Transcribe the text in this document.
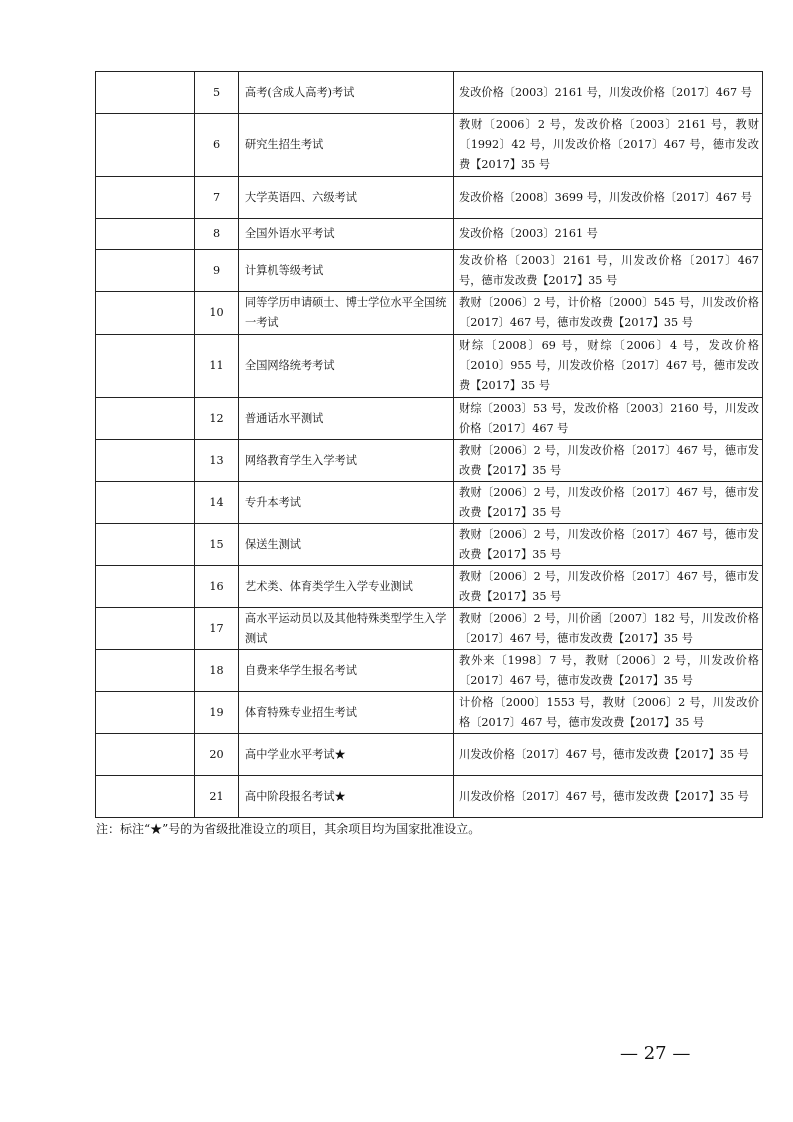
	5	高考(含成人高考)考试	发改价格〔2003〕2161 号，川发改价格〔2017〕467 号
	6	研究生招生考试	教财〔2006〕2 号，发改价格〔2003〕2161 号，教财〔1992〕42 号，川发改价格〔2017〕467 号，德市发改费【2017】35 号
	7	大学英语四、六级考试	发改价格〔2008〕3699 号，川发改价格〔2017〕467 号
	8	全国外语水平考试	发改价格〔2003〕2161 号
	9	计算机等级考试	发改价格〔2003〕2161 号，川发改价格〔2017〕467 号，德市发改费【2017】35 号
	10	同等学历申请硕士、博士学位水平全国统一考试	教财〔2006〕2 号，计价格〔2000〕545 号，川发改价格〔2017〕467 号，德市发改费【2017】35 号
	11	全国网络统考考试	财综〔2008〕69 号，财综〔2006〕4 号，发改价格〔2010〕955 号，川发改价格〔2017〕467 号，德市发改费【2017】35 号
	12	普通话水平测试	财综〔2003〕53 号，发改价格〔2003〕2160 号，川发改价格〔2017〕467 号
	13	网络教育学生入学考试	教财〔2006〕2 号，川发改价格〔2017〕467 号，德市发改费【2017】35 号
	14	专升本考试	教财〔2006〕2 号，川发改价格〔2017〕467 号，德市发改费【2017】35 号
	15	保送生测试	教财〔2006〕2 号，川发改价格〔2017〕467 号，德市发改费【2017】35 号
	16	艺术类、体育类学生入学专业测试	教财〔2006〕2 号，川发改价格〔2017〕467 号，德市发改费【2017】35 号
	17	高水平运动员以及其他特殊类型学生入学测试	教财〔2006〕2 号，川价函〔2007〕182 号，川发改价格〔2017〕467 号，德市发改费【2017】35 号
	18	自费来华学生报名考试	教外来〔1998〕7 号，教财〔2006〕2 号，川发改价格〔2017〕467 号，德市发改费【2017】35 号
	19	体育特殊专业招生考试	计价格〔2000〕1553 号，教财〔2006〕2 号，川发改价格〔2017〕467 号，德市发改费【2017】35 号
	20	高中学业水平考试★	川发改价格〔2017〕467 号，德市发改费【2017】35 号
	21	高中阶段报名考试★	川发改价格〔2017〕467 号，德市发改费【2017】35 号
注：标注“★”号的为省级批准设立的项目，其余项目均为国家批准设立。
— 27 —
